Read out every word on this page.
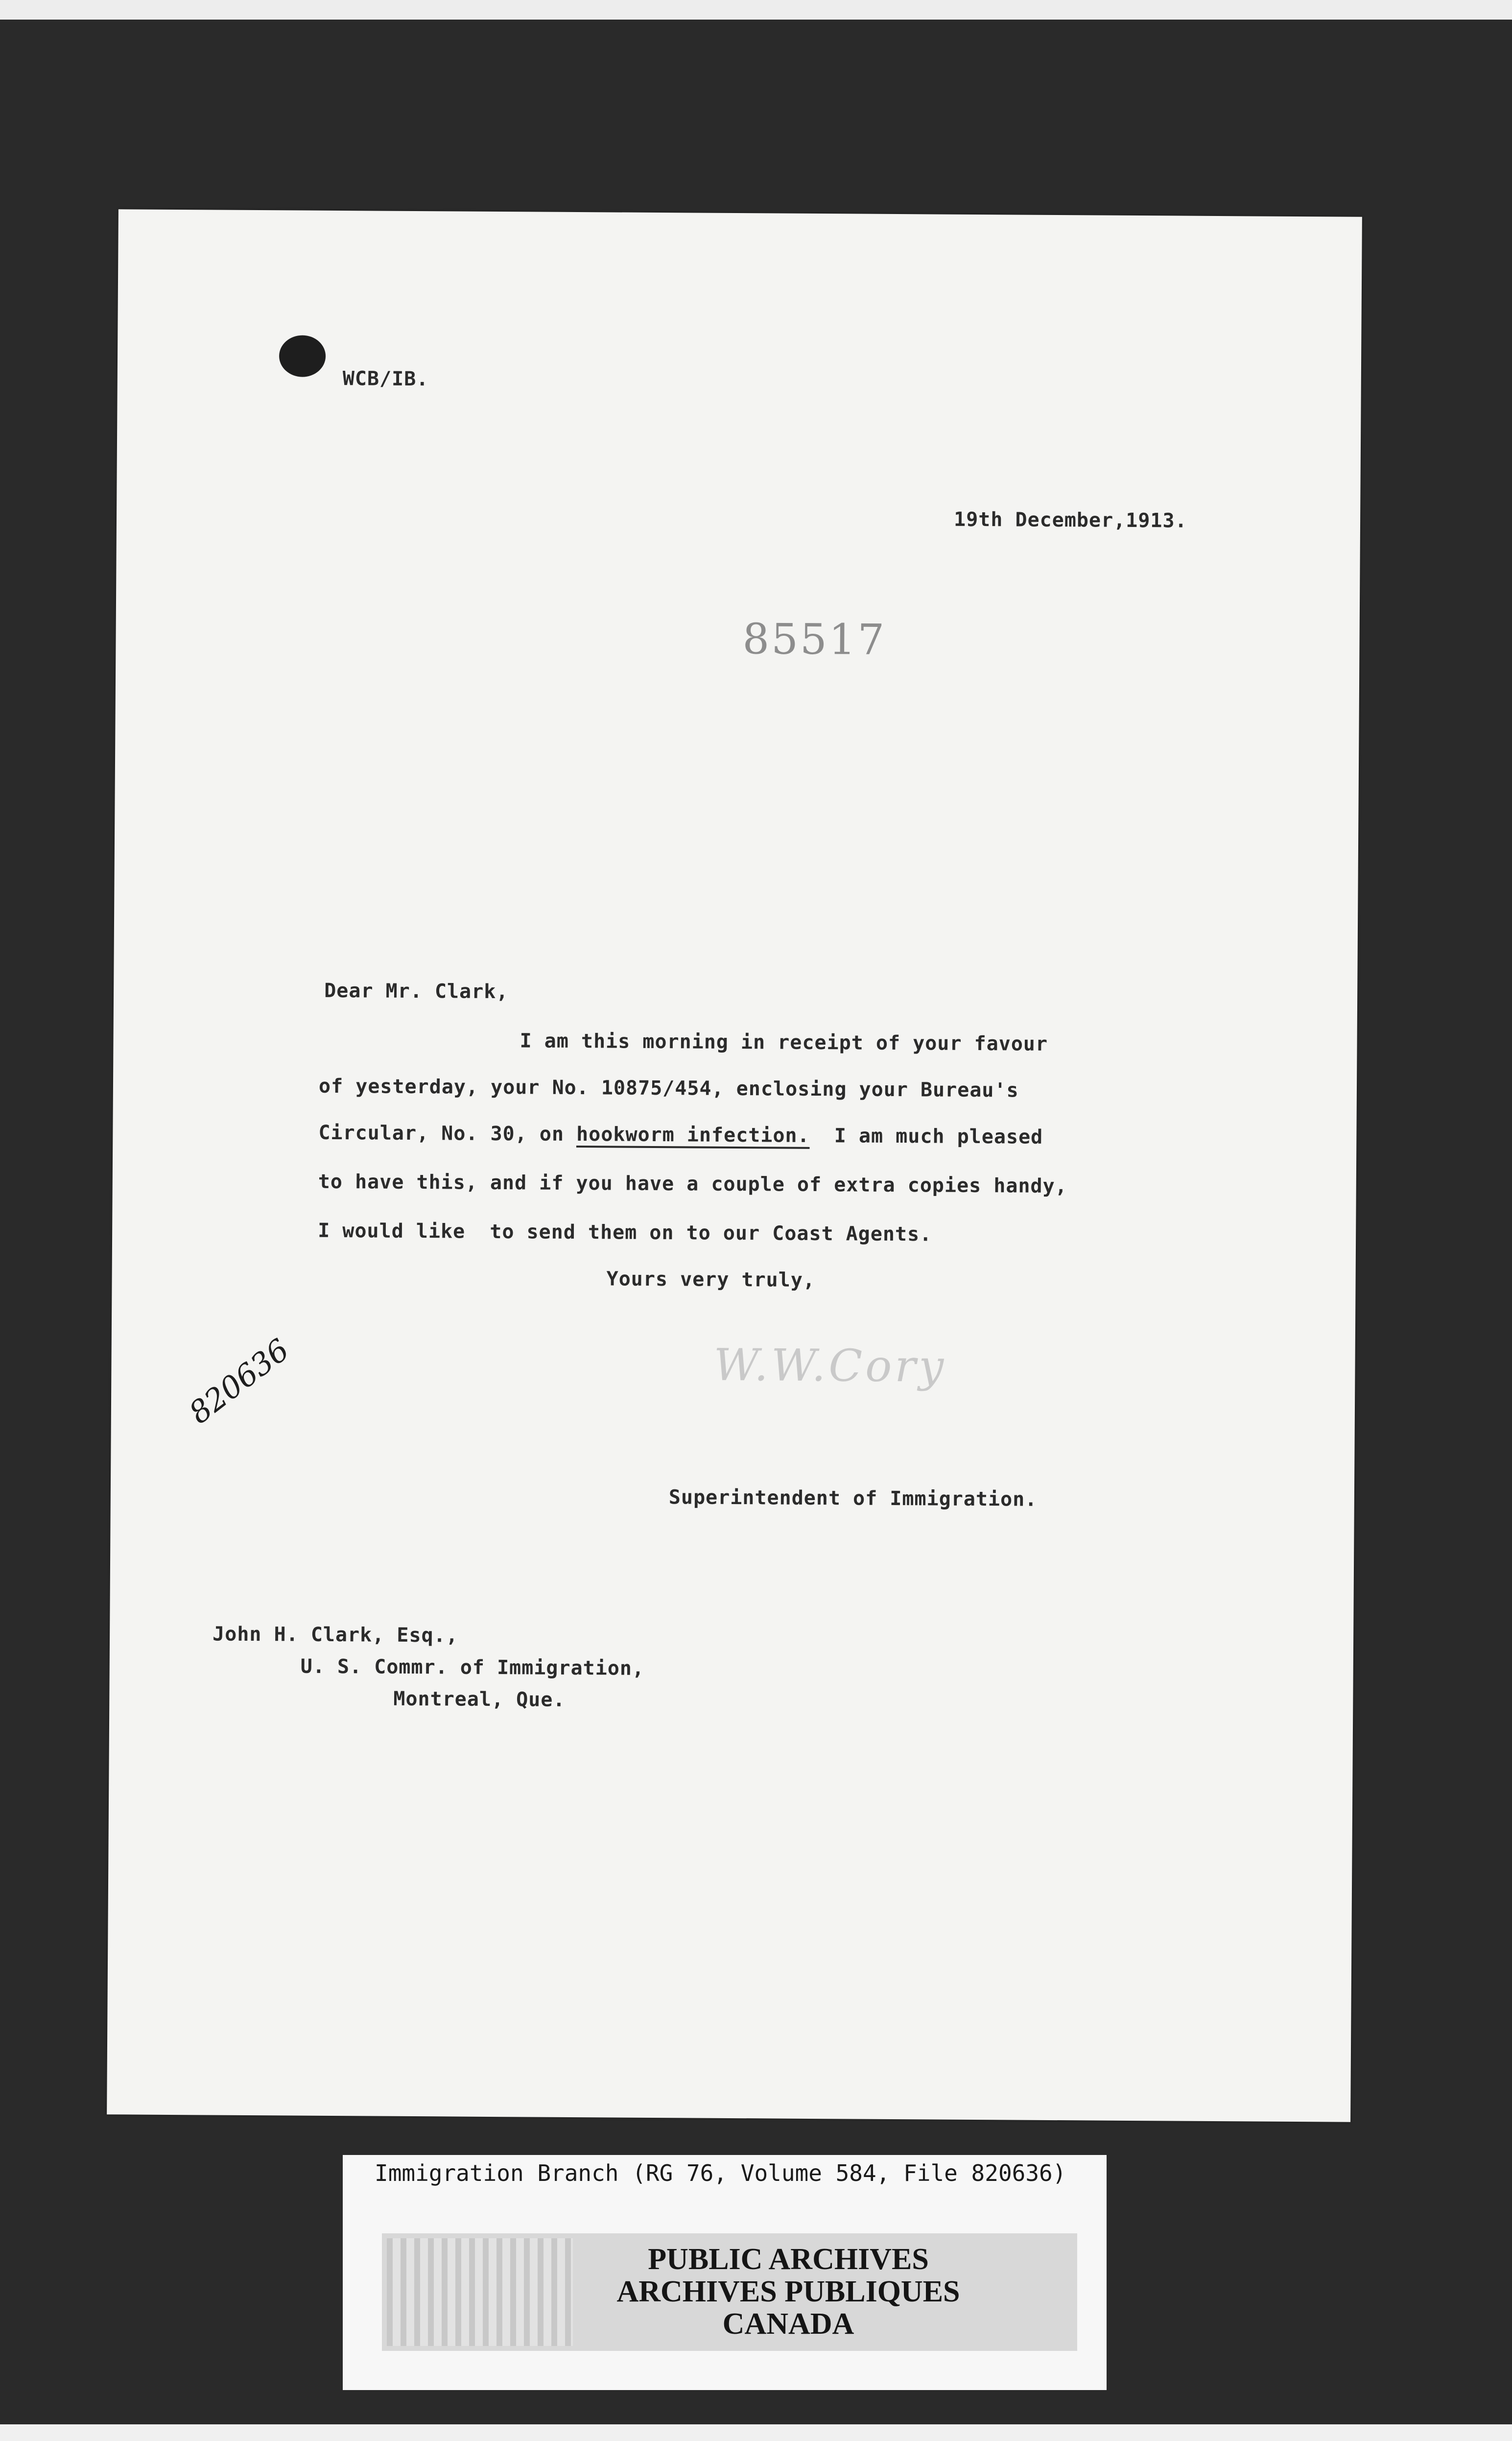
WCB/IB.
19th December,1913.
85517
Dear Mr. Clark,
I am this morning in receipt of your favour
of yesterday, your No. 10875/454, enclosing your Bureau's
Circular, No. 30, on hookworm infection.  I am much pleased
to have this, and if you have a couple of extra copies handy,
I would like  to send them on to our Coast Agents.
Yours very truly,
W.W.Cory
820636
Superintendent of Immigration.
John H. Clark, Esq.,
U. S. Commr. of Immigration,
Montreal, Que.
Immigration Branch (RG 76, Volume 584, File 820636)
PUBLIC ARCHIVES
ARCHIVES PUBLIQUES
CANADA
